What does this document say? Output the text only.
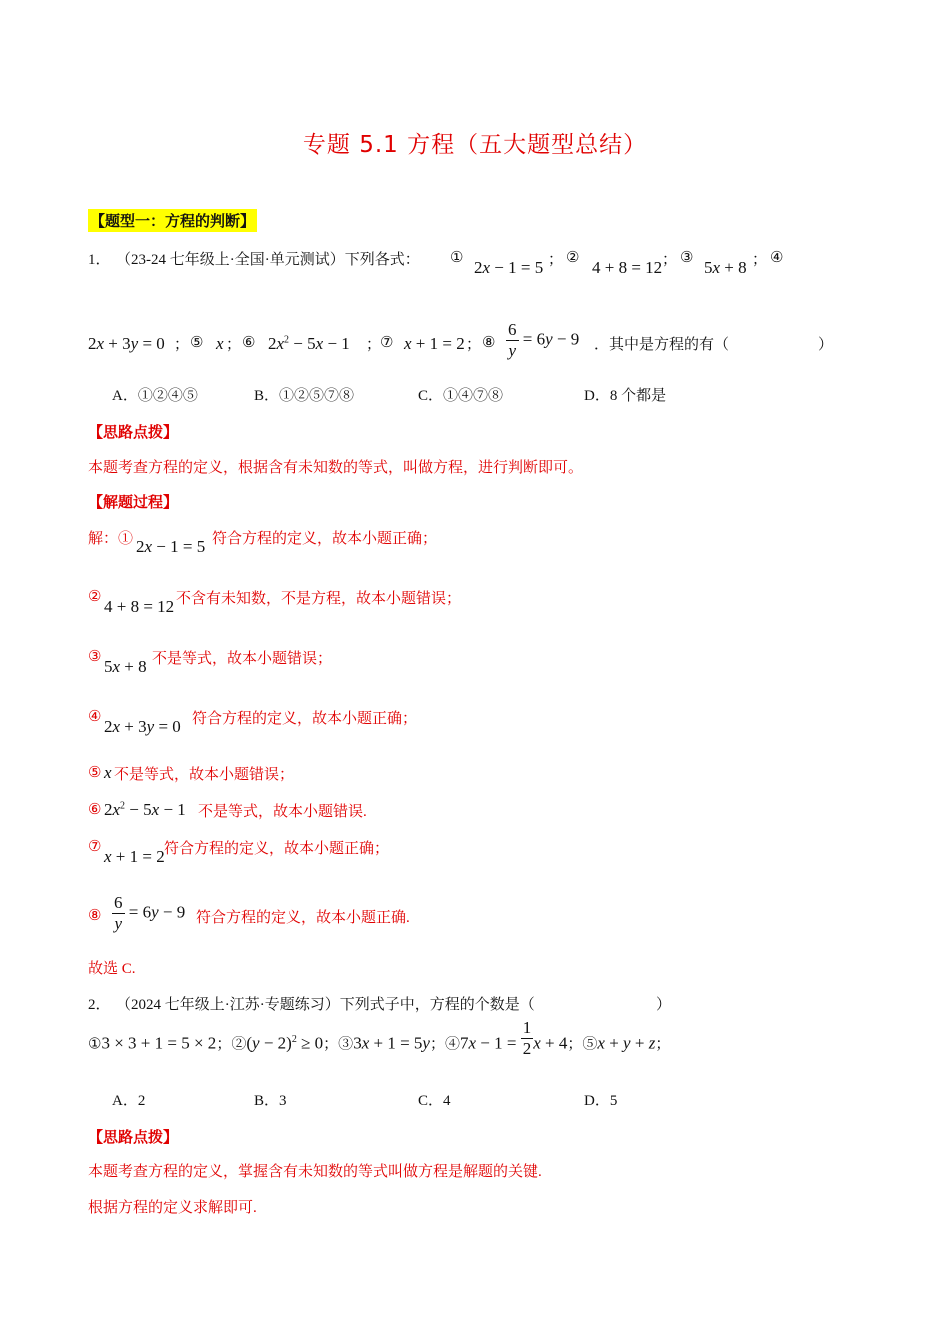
专题 5.1 方程（五大题型总结）
【题型一：方程的判断】
1． （23-24 七年级上·全国·单元测试）下列各式： ① 2x − 1 = 5 ； ② 4 + 8 = 12 ； ③ 5x + 8 ； ④
2x + 3y = 0 ； ⑤ x ； ⑥ $2x^2 - 5x - 1$ ；
⑦ x + 1 = 2 ； ⑧ $\frac{6}{y} = 6y - 9$ ．其中是方程的有（	）
A．①②④⑤	B．①②⑤⑦⑧	C．①④⑦⑧	D．8 个都是
【思路点拨】
本题考查方程的定义，根据含有未知数的等式，叫做方程，进行判断即可。
【解题过程】
解：① 2x − 1 = 5 符合方程的定义，故本小题正确；
② 4 + 8 = 12 不含有未知数，不是方程，故本小题错误；
③ 5x + 8 不是等式，故本小题错误；
④ 2x + 3y = 0 符合方程的定义，故本小题正确；
⑤ x 不是等式，故本小题错误；
⑥ $2x^2 - 5x - 1$ 不是等式，故本小题错误.
⑦ x + 1 = 2 符合方程的定义，故本小题正确；
⑧ $\frac{6}{y} = 6y - 9$ 符合方程的定义，故本小题正确.
故选 C.
2． （2024 七年级上·江苏·专题练习）下列式子中，方程的个数是（	）
①3 × 3 + 1 = 5 × 2；②(y − 2)$^2$ ≥ 0；③3x + 1 = 5y；④7x − $1 = \frac{1}{2}$ x + 4；⑤x + y + z；
A．2	B．3	C．4	D．5
【思路点拨】
本题考查方程的定义，掌握含有未知数的等式叫做方程是解题的关键.
根据方程的定义求解即可.
